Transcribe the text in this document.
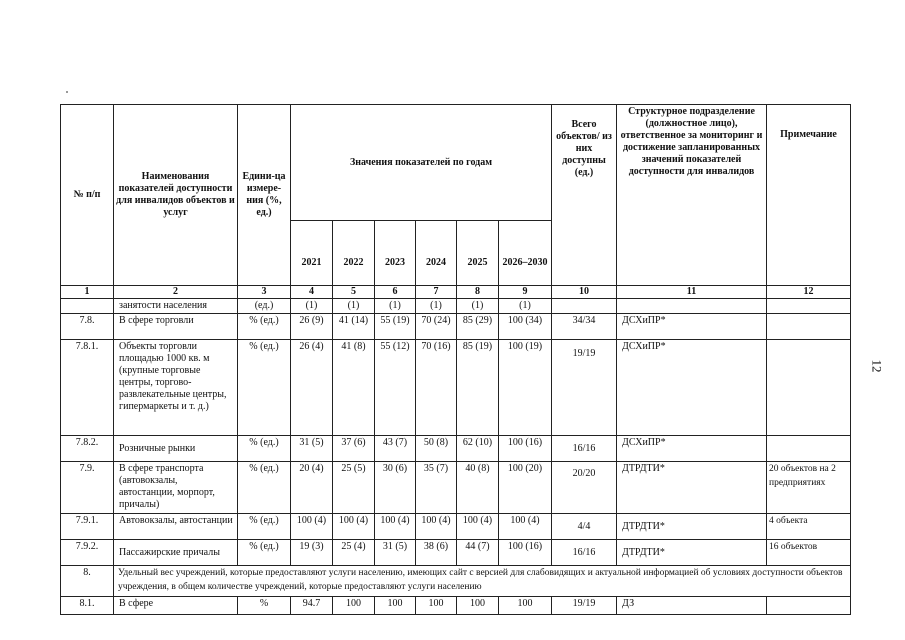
№ п/п	Наименования показателей доступности для инвалидов объектов и услуг	Едини-ца измере-ния (%, ед.)	Значения показателей по годам						Всего объектов/ из них доступны (ед.)	Структурное подразделение (должностное лицо), ответственное за мониторинг и достижение запланированных значений показателей доступности для инвалидов	Примечание
			2021	2022	2023	2024	2025	2026–2030			
1	2	3	4	5	6	7	8	9	10	11	12
	занятости населения	(ед.)	(1)	(1)	(1)	(1)	(1)	(1)			
7.8.	В сфере торговли	% (ед.)	26 (9)	41 (14)	55 (19)	70 (24)	85 (29)	100 (34)	34/34	ДСХиПР*	
7.8.1.	Объекты торговли площадью 1000 кв. м (крупные торговые центры, торгово-развлекательные центры, гипермаркеты и т. д.)	% (ед.)	26 (4)	41 (8)	55 (12)	70 (16)	85 (19)	100 (19)	19/19	ДСХиПР*	
7.8.2.	Розничные рынки	% (ед.)	31 (5)	37 (6)	43 (7)	50 (8)	62 (10)	100 (16)	16/16	ДСХиПР*	
7.9.	В сфере транспорта (автовокзалы, автостанции, морпорт, причалы)	% (ед.)	20 (4)	25 (5)	30 (6)	35 (7)	40 (8)	100 (20)	20/20	ДТРДТИ*	20 объектов на 2 предприятиях
7.9.1.	Автовокзалы, автостанции	% (ед.)	100 (4)	100 (4)	100 (4)	100 (4)	100 (4)	100 (4)	4/4	ДТРДТИ*	4 объекта
7.9.2.	Пассажирские причалы	% (ед.)	19 (3)	25 (4)	31 (5)	38 (6)	44 (7)	100 (16)	16/16	ДТРДТИ*	16 объектов
8.	Удельный вес учреждений, которые предоставляют услуги населению, имеющих сайт с версией для слабовидящих и актуальной информацией об условиях доступности объектов учреждения, в общем количестве учреждений, которые предоставляют услуги населению										
8.1.	В сфере	%	94.7	100	100	100	100	100	19/19	ДЗ	
12
